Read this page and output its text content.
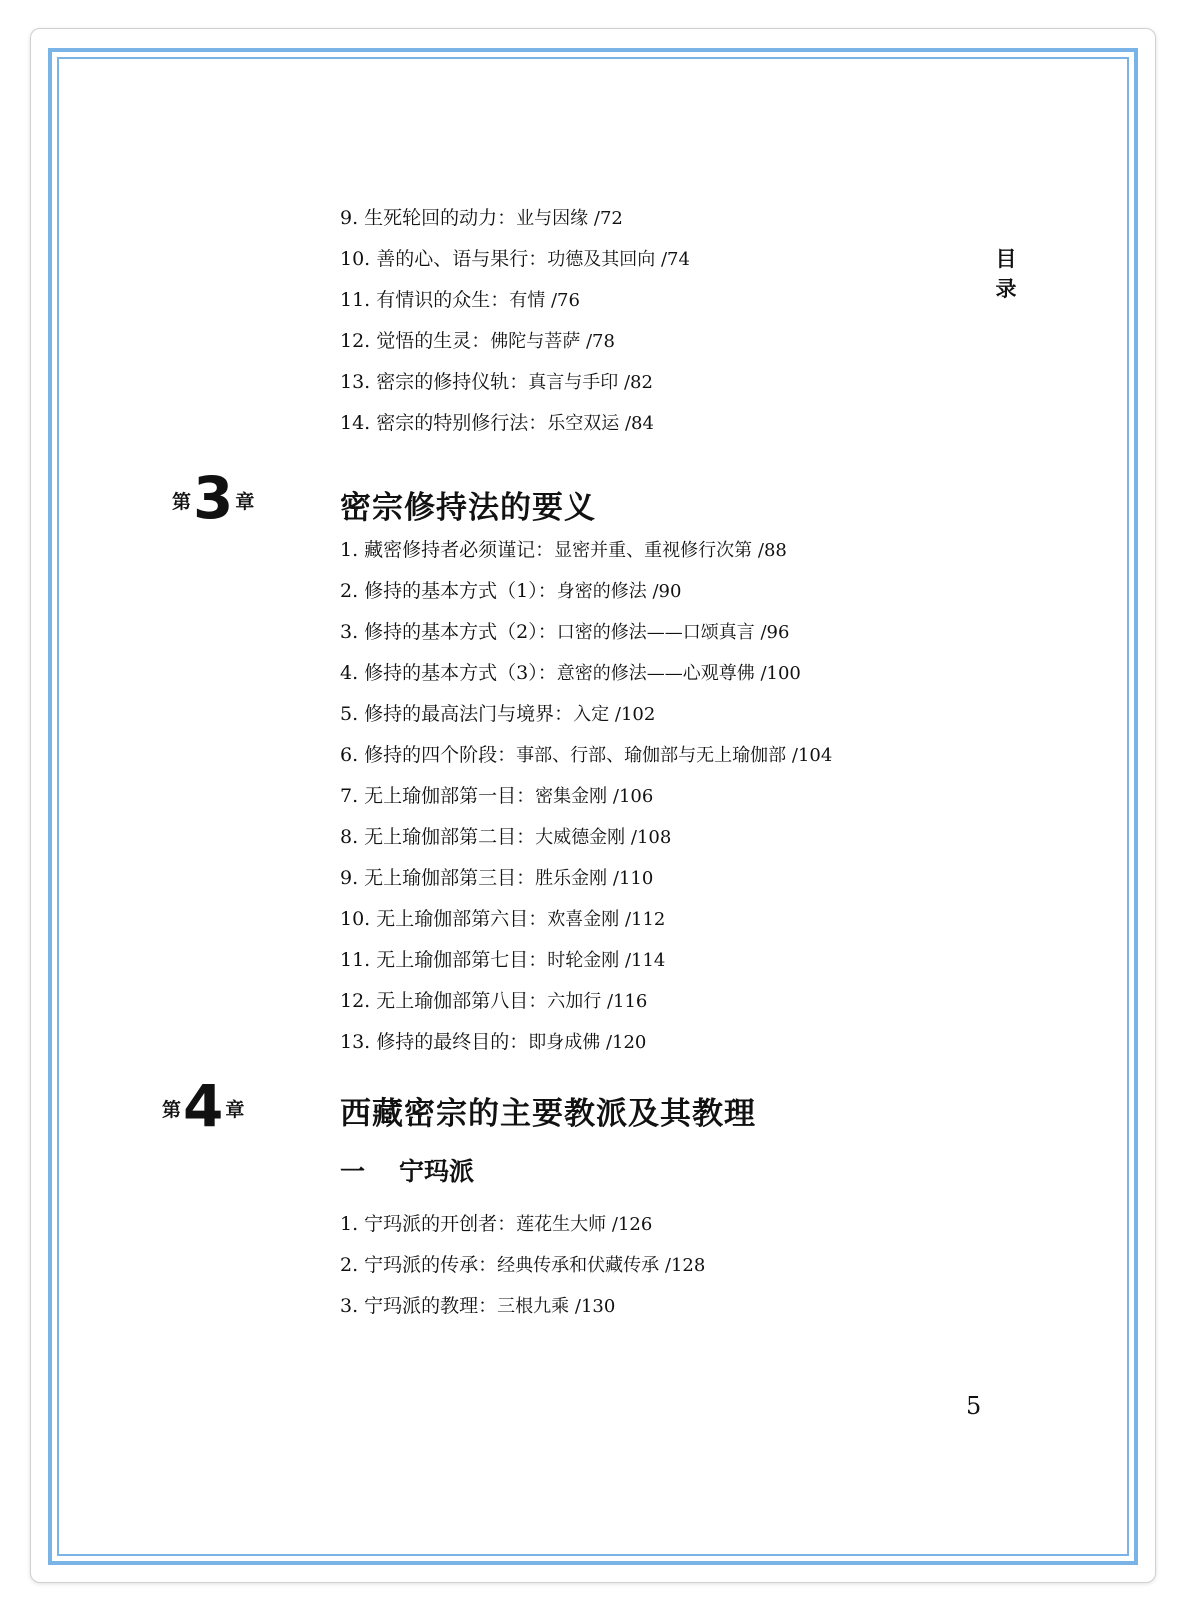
目
录
9. 生死轮回的动力：业与因缘 /72
10. 善的心、语与果行：功德及其回向 /74
11. 有情识的众生：有情 /76
12. 觉悟的生灵：佛陀与菩萨 /78
13. 密宗的修持仪轨：真言与手印 /82
14. 密宗的特别修行法：乐空双运 /84
第3 章	密宗修持法的要义
1. 藏密修持者必须谨记：显密并重、重视修行次第 /88
2. 修持的基本方式（1）：身密的修法 /90
3. 修持的基本方式（2）：口密的修法——口颂真言 /96
4. 修持的基本方式（3）：意密的修法——心观尊佛 /100
5. 修持的最高法门与境界：入定 /102
6. 修持的四个阶段：事部、行部、瑜伽部与无上瑜伽部 /104
7. 无上瑜伽部第一目：密集金刚 /106
8. 无上瑜伽部第二目：大威德金刚 /108
9. 无上瑜伽部第三目：胜乐金刚 /110
10. 无上瑜伽部第六目：欢喜金刚 /112
11. 无上瑜伽部第七目：时轮金刚 /114
12. 无上瑜伽部第八目：六加行 /116
13. 修持的最终目的：即身成佛 /120
第4 章	西藏密宗的主要教派及其教理
一 宁玛派
1. 宁玛派的开创者：莲花生大师 /126
2. 宁玛派的传承：经典传承和伏藏传承 /128
3. 宁玛派的教理：三根九乘 /130
5
